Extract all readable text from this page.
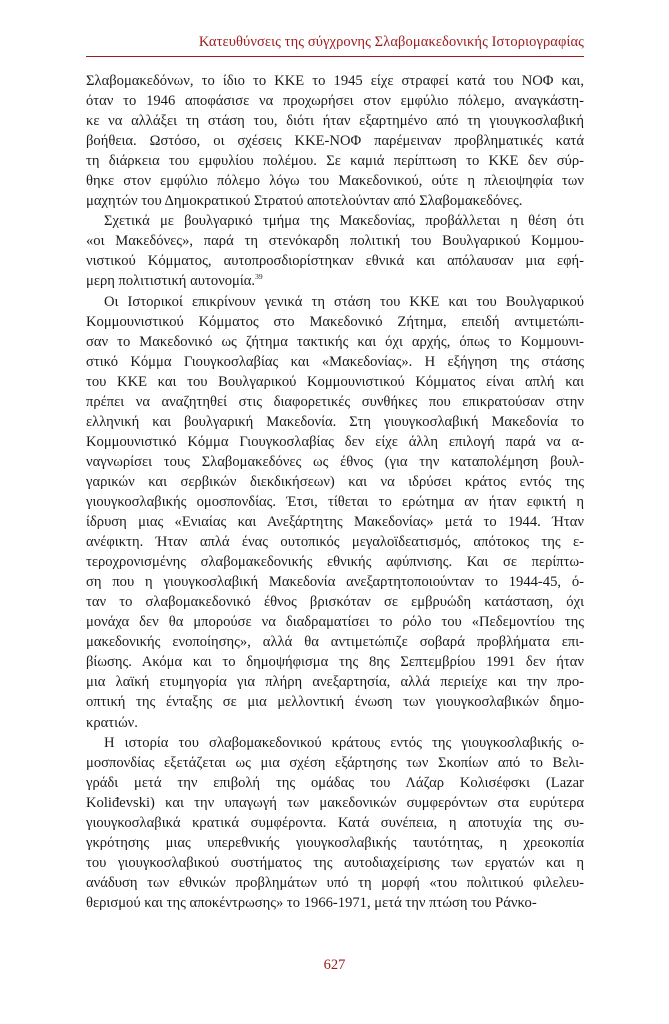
Κατευθύνσεις της σύγχρονης Σλαβομακεδονικής Ιστοριογραφίας
Σλαβομακεδόνων, το ίδιο το ΚΚΕ το 1945 είχε στραφεί κατά του ΝΟΦ και,
όταν το 1946 αποφάσισε να προχωρήσει στον εμφύλιο πόλεμο, αναγκάστη-
κε να αλλάξει τη στάση του, διότι ήταν εξαρτημένο από τη γιουγκοσλαβική
βοήθεια. Ωστόσο, οι σχέσεις ΚΚΕ-ΝΟΦ παρέμειναν προβληματικές κατά
τη διάρκεια του εμφυλίου πολέμου. Σε καμιά περίπτωση το ΚΚΕ δεν σύρ-
θηκε στον εμφύλιο πόλεμο λόγω του Μακεδονικού, ούτε η πλειοψηφία των
μαχητών του Δημοκρατικού Στρατού αποτελούνταν από Σλαβομακεδόνες.
Σχετικά με βουλγαρικό τμήμα της Μακεδονίας, προβάλλεται η θέση ότι
«οι Μακεδόνες», παρά τη στενόκαρδη πολιτική του Βουλγαρικού Κομμου-
νιστικού Κόμματος, αυτοπροσδιορίστηκαν εθνικά και απόλαυσαν μια εφή-
μερη πολιτιστική αυτονομία.$^{39}$
Οι Ιστορικοί επικρίνουν γενικά τη στάση του ΚΚΕ και του Βουλγαρικού
Κομμουνιστικού Κόμματος στο Μακεδονικό Ζήτημα, επειδή αντιμετώπι-
σαν το Μακεδονικό ως ζήτημα τακτικής και όχι αρχής, όπως το Κομμουνι-
στικό Κόμμα Γιουγκοσλαβίας και «Μακεδονίας». Η εξήγηση της στάσης
του ΚΚΕ και του Βουλγαρικού Κομμουνιστικού Κόμματος είναι απλή και
πρέπει να αναζητηθεί στις διαφορετικές συνθήκες που επικρατούσαν στην
ελληνική και βουλγαρική Μακεδονία. Στη γιουγκοσλαβική Μακεδονία το
Κομμουνιστικό Κόμμα Γιουγκοσλαβίας δεν είχε άλλη επιλογή παρά να α-
ναγνωρίσει τους Σλαβομακεδόνες ως έθνος (για την καταπολέμηση βουλ-
γαρικών και σερβικών διεκδικήσεων) και να ιδρύσει κράτος εντός της
γιουγκοσλαβικής ομοσπονδίας. Έτσι, τίθεται το ερώτημα αν ήταν εφικτή η
ίδρυση μιας «Ενιαίας και Ανεξάρτητης Μακεδονίας» μετά το 1944. Ήταν
ανέφικτη. Ήταν απλά ένας ουτοπικός μεγαλοϊδεατισμός, απότοκος της ε-
τεροχρονισμένης σλαβομακεδονικής εθνικής αφύπνισης. Και σε περίπτω-
ση που η γιουγκοσλαβική Μακεδονία ανεξαρτητοποιούνταν το 1944-45, ό-
ταν το σλαβομακεδονικό έθνος βρισκόταν σε εμβρυώδη κατάσταση, όχι
μονάχα δεν θα μπορούσε να διαδραματίσει το ρόλο του «Πεδεμοντίου της
μακεδονικής ενοποίησης», αλλά θα αντιμετώπιζε σοβαρά προβλήματα επι-
βίωσης. Ακόμα και το δημοψήφισμα της 8ης Σεπτεμβρίου 1991 δεν ήταν
μια λαϊκή ετυμηγορία για πλήρη ανεξαρτησία, αλλά περιείχε και την προ-
οπτική της ένταξης σε μια μελλοντική ένωση των γιουγκοσλαβικών δημο-
κρατιών.
Η ιστορία του σλαβομακεδονικού κράτους εντός της γιουγκοσλαβικής ο-
μοσπονδίας εξετάζεται ως μια σχέση εξάρτησης των Σκοπίων από το Βελι-
γράδι μετά την επιβολή της ομάδας του Λάζαρ Κολισέφσκι (Lazar
Koliđevski) και την υπαγωγή των μακεδονικών συμφερόντων στα ευρύτερα
γιουγκοσλαβικά κρατικά συμφέροντα. Κατά συνέπεια, η αποτυχία της συ-
γκρότησης μιας υπερεθνικής γιουγκοσλαβικής ταυτότητας, η χρεοκοπία
του γιουγκοσλαβικού συστήματος της αυτοδιαχείρισης των εργατών και η
ανάδυση των εθνικών προβλημάτων υπό τη μορφή «του πολιτικού φιλελευ-
θερισμού και της αποκέντρωσης» το 1966-1971, μετά την πτώση του Ράνκο-
627
